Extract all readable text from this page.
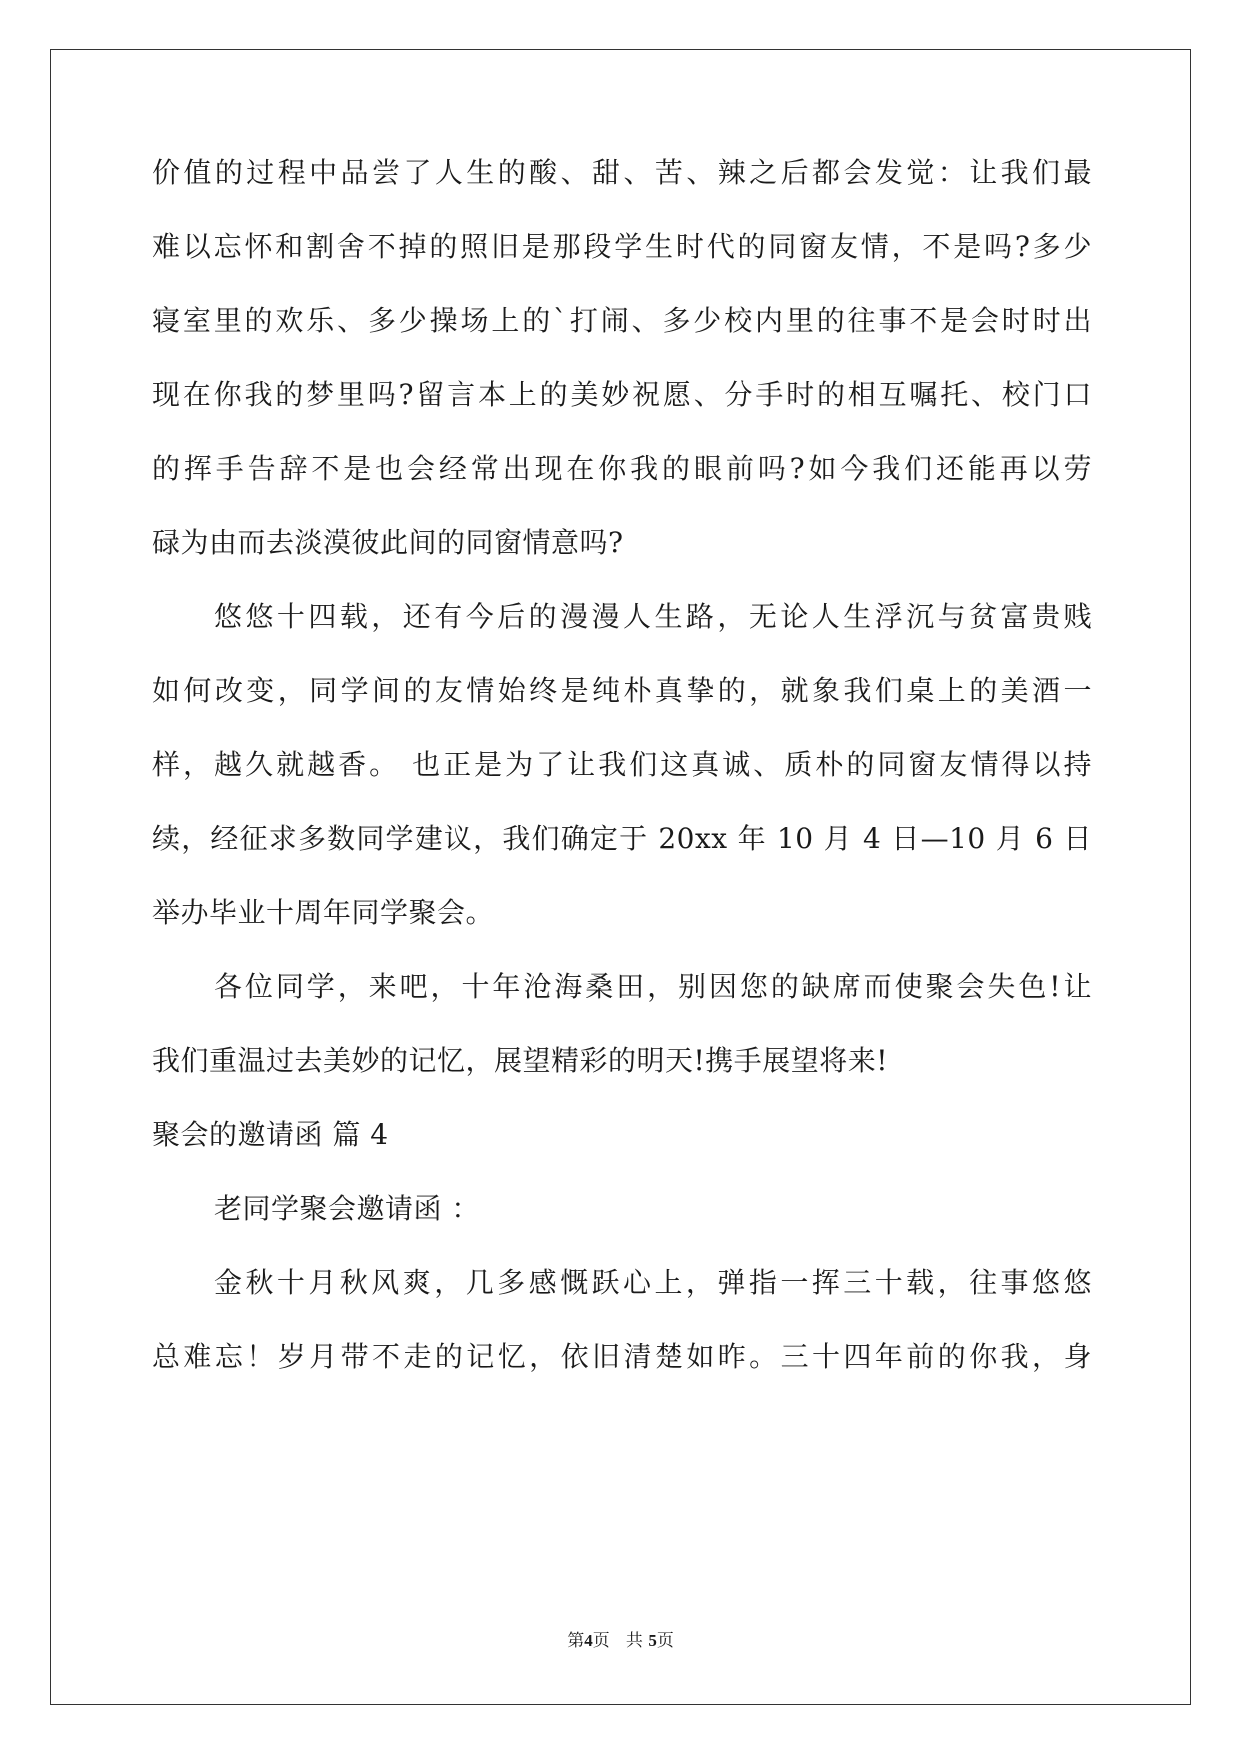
价值的过程中品尝了人生的酸、甜、苦、辣之后都会发觉：让我们最
难以忘怀和割舍不掉的照旧是那段学生时代的同窗友情，不是吗?多少
寝室里的欢乐、多少操场上的`打闹、多少校内里的往事不是会时时出
现在你我的梦里吗?留言本上的美妙祝愿、分手时的相互嘱托、校门口
的挥手告辞不是也会经常出现在你我的眼前吗?如今我们还能再以劳
碌为由而去淡漠彼此间的同窗情意吗?
悠悠十四载，还有今后的漫漫人生路，无论人生浮沉与贫富贵贱
如何改变，同学间的友情始终是纯朴真挚的，就象我们桌上的美酒一
样，越久就越香。 也正是为了让我们这真诚、质朴的同窗友情得以持
续，经征求多数同学建议，我们确定于 20xx 年 10 月 4 日—10 月 6 日
举办毕业十周年同学聚会。
各位同学，来吧，十年沧海桑田，别因您的缺席而使聚会失色!让
我们重温过去美妙的记忆，展望精彩的明天!携手展望将来!
聚会的邀请函 篇 4
老同学聚会邀请函 ：
金秋十月秋风爽，几多感慨跃心上，弹指一挥三十载，往事悠悠
总难忘！岁月带不走的记忆，依旧清楚如昨。三十四年前的你我，身
第4页 共 5页
